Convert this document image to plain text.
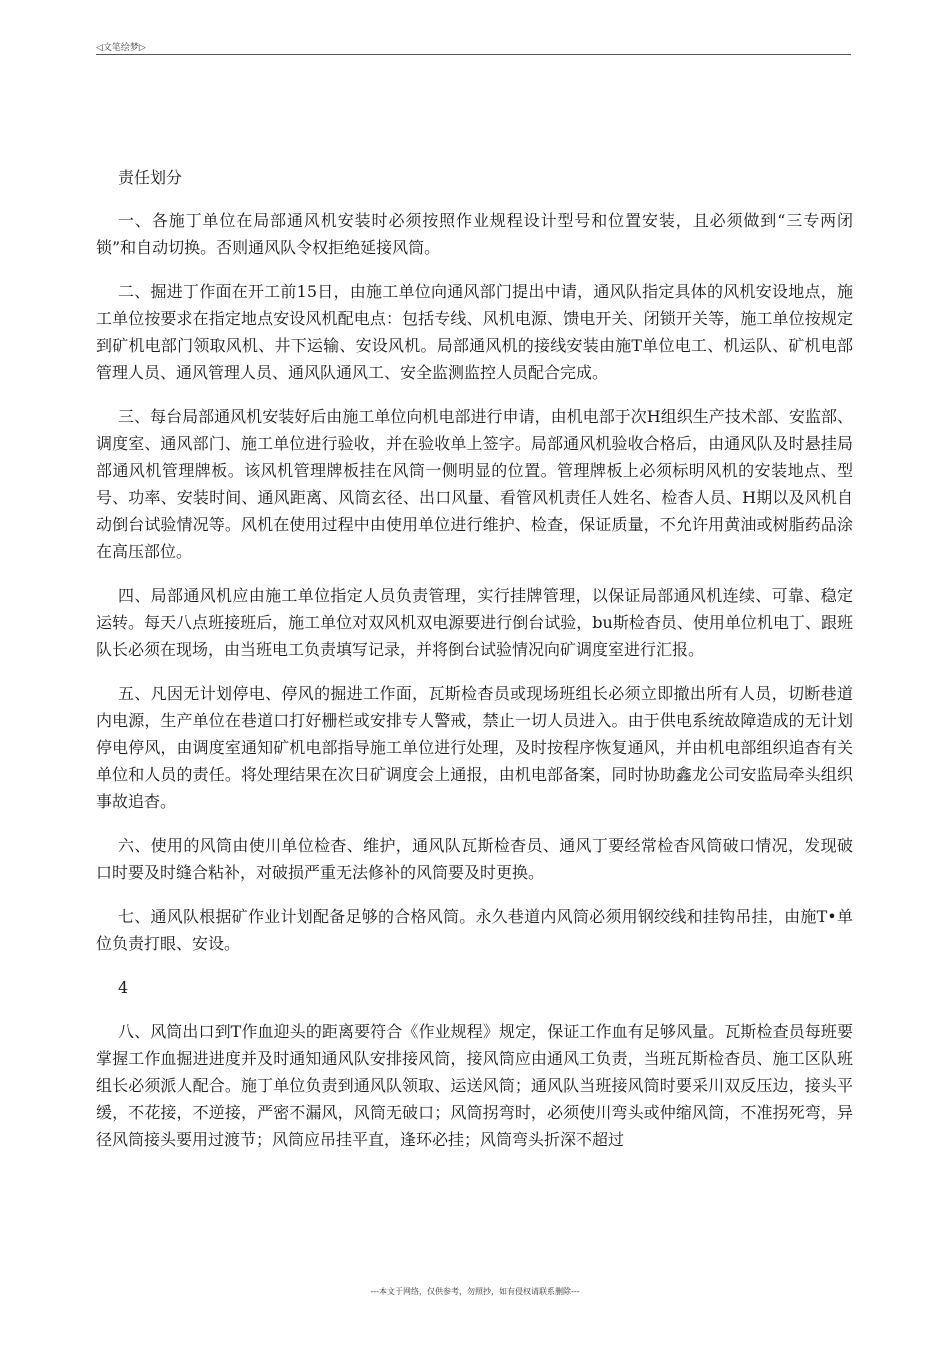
◁文笔绘梦▷

责任划分

一、各施丁单位在局部通风机安装时必须按照作业规程设计型号和位置安装，且必须做到“三专两闭锁”和自动切换。否则通风队令权拒绝延接风筒。

二、掘进丁作面在开工前15日，由施工单位向通风部门提出中请，通风队指定具体的风机安设地点，施工单位按要求在指定地点安设风机配电点：包括专线、风机电源、馈电开关、闭锁开关等，施工单位按规定到矿机电部门领取风机、井下运输、安设风机。局部通风机的接线安装由施T单位电工、机运队、矿机电部管理人员、通风管理人员、通风队通风工、安全监测监控人员配合完成。

三、每台局部通风机安装好后由施工单位向机电部进行申请，由机电部于次H组织生产技术部、安监部、调度室、通风部门、施工单位进行验收，并在验收单上签字。局部通风机验收合格后，由通风队及时悬挂局部通风机管理牌板。该风机管理牌板挂在风筒一侧明显的位置。管理牌板上必须标明风机的安装地点、型号、功率、安装时间、通风距离、风筒玄径、出口风量、看管风机责任人姓名、检杳人员、H期以及风机自动倒台试验情况等。风机在使用过程中由使用单位进行维护、检查，保证质量，不允许用黄油或树脂药品涂在高压部位。

四、局部通风机应由施工单位指定人员负责管理，实行挂牌管理，以保证局部通风机连续、可靠、稳定运转。每天八点班接班后，施工单位对双风机双电源要进行倒台试验，bu斯检杳员、使用单位机电丁、跟班队长必须在现场，由当班电工负责填写记录，并将倒台试验情况向矿调度室进行汇报。

五、凡因无计划停电、停风的掘进工作面，瓦斯检杳员或现场班组长必须立即撤出所有人员，切断巷道内电源，生产单位在巷道口打好栅栏或安排专人警戒，禁止一切人员进入。由于供电系统故障造成的无计划停电停风，由调度室通知矿机电部指导施工单位进行处理，及时按程序恢复通风，并由机电部组织追杳有关单位和人员的责任。将处理结果在次日矿调度会上通报，由机电部备案，同时协助鑫龙公司安监局牵头组织事故追杳。

六、使用的风筒由使川单位检杳、维护，通风队瓦斯检杳员、通风丁要经常检杳风筒破口情况，发现破口时要及时缝合粘补，对破损严重无法修补的风筒要及时更换。

七、通风队根据矿作业计划配备足够的合格风筒。永久巷道内风筒必须用钢绞线和挂钩吊挂，由施T•单位负责打眼、安设。

4

八、风筒出口到T作血迎头的距离要符合《作业规程》规定，保证工作血有足够风量。瓦斯检查员每班要掌握工作血掘进进度并及时通知通风队安排接风筒，接风筒应由通风工负责，当班瓦斯检杳员、施工区队班组长必须派人配合。施丁单位负责到通风队领取、运送风筒；通风队当班接风筒时要采川双反压边，接头平缓，不花接，不逆接，严密不漏风，风筒无破口；风筒拐弯时，必须使川弯头或仲缩风筒，不准拐死弯，异径风筒接头要用过渡节；风筒应吊挂平直，逢环必挂；风筒弯头折深不超过

---本文于网络，仅供参考，勿照抄，如有侵权请联系删除---
